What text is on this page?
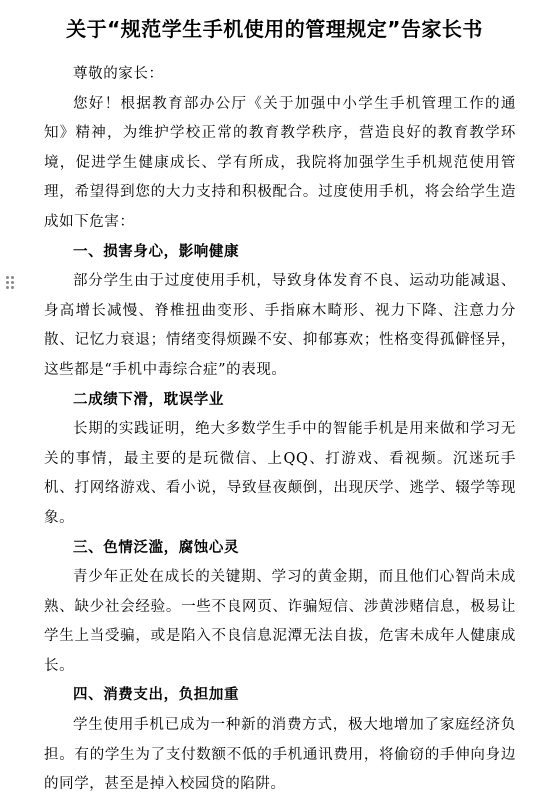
关于“规范学生手机使用的管理规定”告家长书

尊敬的家长：

您好！根据教育部办公厅《关于加强中小学生手机管理工作的通知》精神，为维护学校正常的教育教学秩序，营造良好的教育教学环境，促进学生健康成长、学有所成，我院将加强学生手机规范使用管理，希望得到您的大力支持和积极配合。过度使用手机，将会给学生造成如下危害：

一、损害身心，影响健康

部分学生由于过度使用手机，导致身体发育不良、运动功能减退、身高增长减慢、脊椎扭曲变形、手指麻木畸形、视力下降、注意力分散、记忆力衰退；情绪变得烦躁不安、抑郁寡欢；性格变得孤僻怪异，这些都是“手机中毒综合症”的表现。

二成绩下滑，耽误学业

长期的实践证明，绝大多数学生手中的智能手机是用来做和学习无关的事情，最主要的是玩微信、上QQ、打游戏、看视频。沉迷玩手机、打网络游戏、看小说，导致昼夜颠倒，出现厌学、逃学、辍学等现象。

三、色情泛滥，腐蚀心灵

青少年正处在成长的关键期、学习的黄金期，而且他们心智尚未成熟、缺少社会经验。一些不良网页、诈骗短信、涉黄涉赌信息，极易让学生上当受骗，或是陷入不良信息泥潭无法自拔，危害未成年人健康成长。

四、消费支出，负担加重

学生使用手机已成为一种新的消费方式，极大地增加了家庭经济负担。有的学生为了支付数额不低的手机通讯费用，将偷窃的手伸向身边的同学，甚至是掉入校园贷的陷阱。
